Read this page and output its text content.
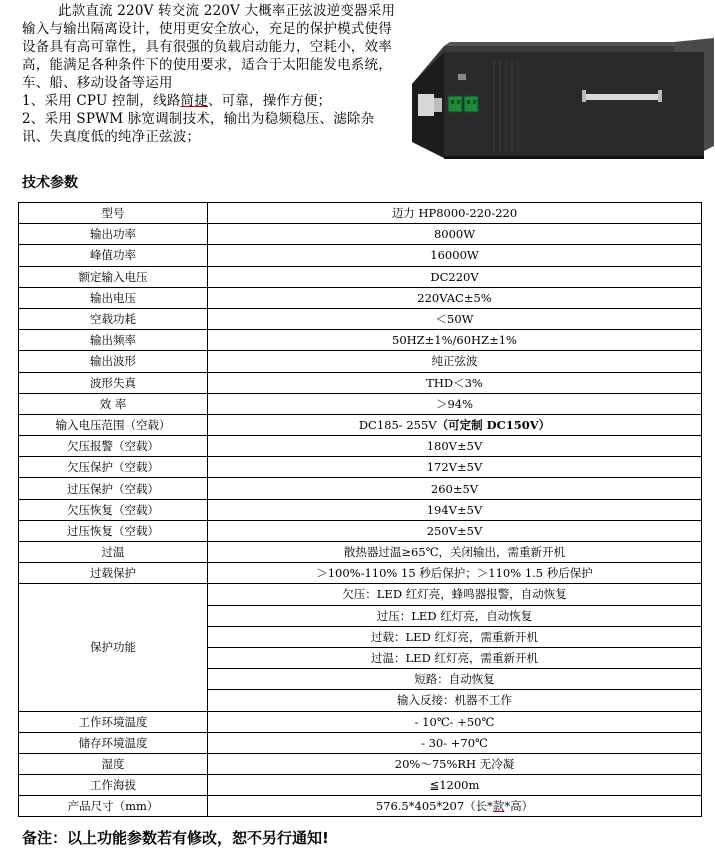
此款直流 220V 转交流 220V 大概率正弦波逆变器采用输入与输出隔离设计，使用更安全放心，充足的保护模式使得设备具有高可靠性，具有很强的负载启动能力，空耗小，效率高，能满足各种条件下的使用要求，适合于太阳能发电系统，车、船、移动设备等运用

1、采用 CPU 控制，线路简捷、可靠，操作方便；

2、采用 SPWM 脉宽调制技术，输出为稳频稳压、滤除杂讯、失真度低的纯净正弦波；

技术参数
型号	迈力 HP8000-220-220
输出功率	8000W
峰值功率	16000W
额定输入电压	DC220V
输出电压	220VAC±5%
空载功耗	＜50W
输出频率	50HZ±1%/60HZ±1%
输出波形	纯正弦波
波形失真	THD＜3%
效 率	＞94%
输入电压范围（空载）	DC185- 255V（可定制 DC150V）
欠压报警（空载）	180V±5V
欠压保护（空载）	172V±5V
过压保护（空载）	260±5V
欠压恢复（空载）	194V±5V
过压恢复（空载）	250V±5V
过温	散热器过温≥65℃，关闭输出，需重新开机
过载保护	＞100%-110% 15 秒后保护；＞110% 1.5 秒后保护
保护功能	欠压：LED 红灯亮，蜂鸣器报警，自动恢复
	过压：LED 红灯亮，自动恢复
	过载：LED 红灯亮，需重新开机
	过温：LED 红灯亮，需重新开机
	短路：自动恢复
	输入反接：机器不工作
工作环境温度	- 10℃- +50℃
储存环境温度	- 30- +70℃
湿度	20%～75%RH 无冷凝
工作海拔	≦1200m
产品尺寸（mm）	576.5*405*207（长*款*高）
备注：以上功能参数若有修改，恕不另行通知!
